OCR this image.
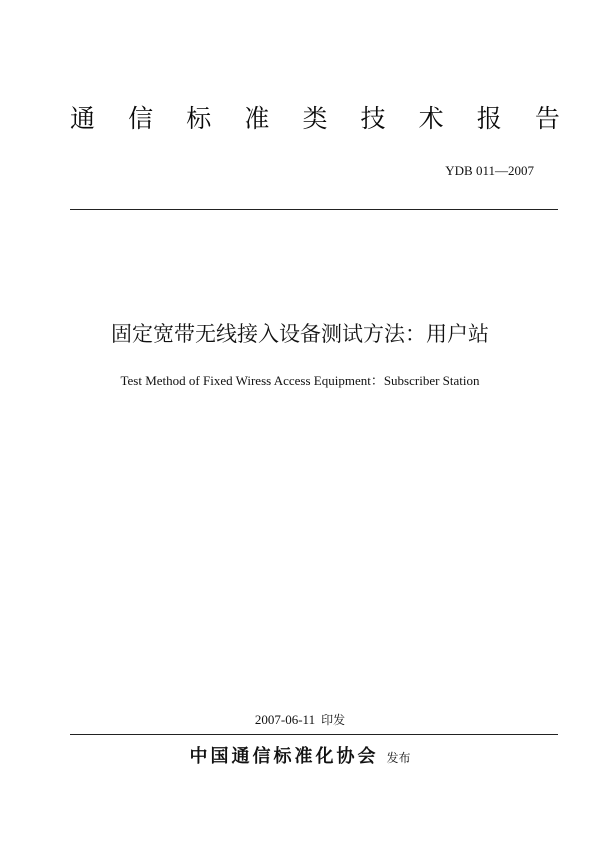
通 信 标 准 类 技 术 报 告
YDB 011—2007
固定宽带无线接入设备测试方法：用户站
Test Method of Fixed Wiress Access Equipment：Subscriber Station
2007-06-11 印发
中国通信标准化协会 发布
